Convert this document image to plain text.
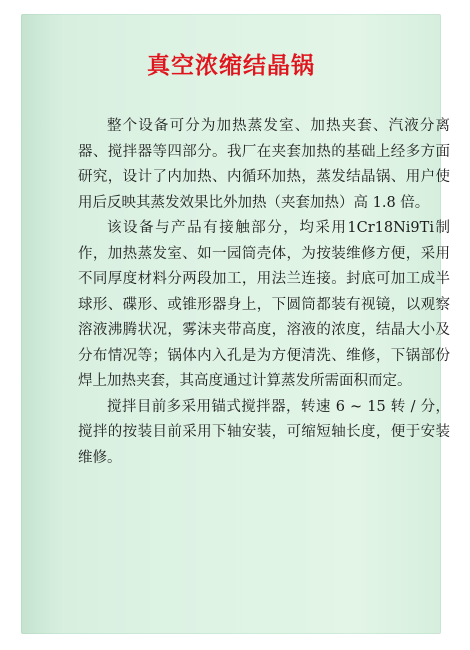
真空浓缩结晶锅

整个设备可分为加热蒸发室、加热夹套、汽液分离器、搅拌器等四部分。我厂在夹套加热的基础上经多方面研究，设计了内加热、内循环加热，蒸发结晶锅、用户使用后反映其蒸发效果比外加热（夹套加热）高 1.8 倍。

该设备与产品有接触部分，均采用1Cr18Ni9Ti制作，加热蒸发室、如一园筒壳体，为按装维修方便，采用不同厚度材料分两段加工，用法兰连接。封底可加工成半球形、碟形、或锥形器身上，下圆筒都装有视镜，以观察溶液沸腾状况，雾沫夹带高度，溶液的浓度，结晶大小及分布情况等；锅体内入孔是为方便清洗、维修，下锅部份焊上加热夹套，其高度通过计算蒸发所需面积而定。

搅拌目前多采用锚式搅拌器，转速 6 ~ 15 转 / 分，搅拌的按装目前采用下轴安装，可缩短轴长度，便于安装维修。
